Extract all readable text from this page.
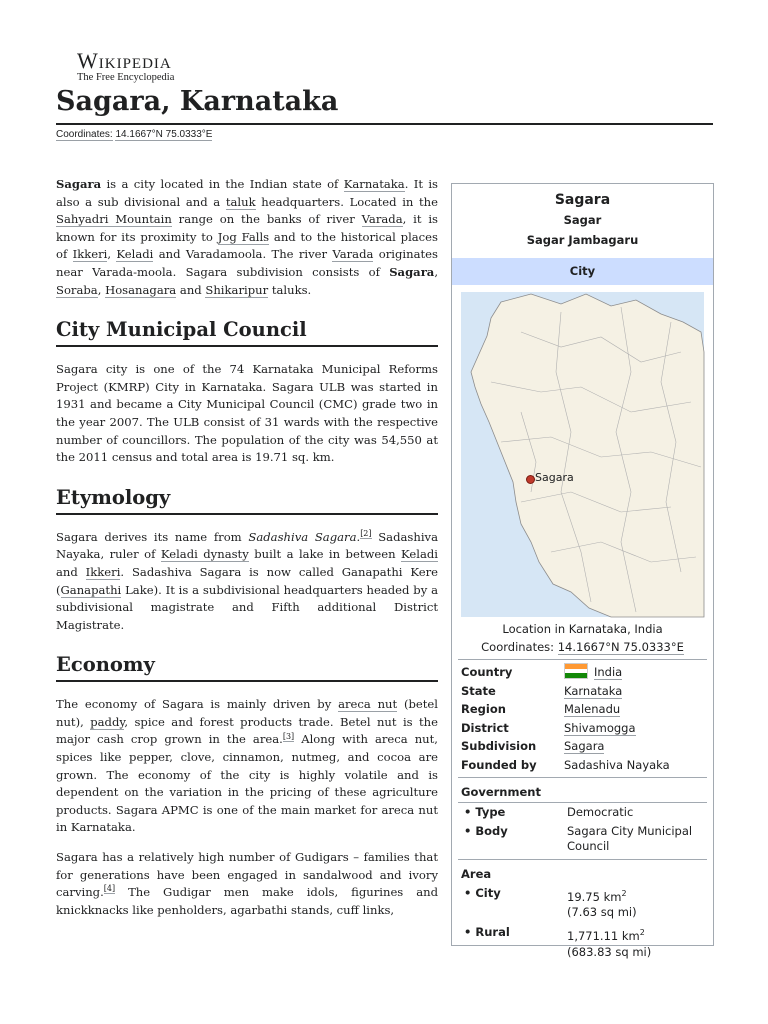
Wikipedia
The Free Encyclopedia
Sagara, Karnataka
Coordinates: 14.1667°N 75.0333°E

Sagara is a city located in the Indian state of Karnataka. It is also a sub divisional and a taluk headquarters. Located in the Sahyadri Mountain range on the banks of river Varada, it is known for its proximity to Jog Falls and to the historical places of Ikkeri, Keladi and Varadamoola. The river Varada originates near Varada-moola. Sagara subdivision consists of Sagara, Soraba, Hosanagara and Shikaripur taluks.

City Municipal Council

Sagara city is one of the 74 Karnataka Municipal Reforms Project (KMRP) City in Karnataka. Sagara ULB was started in 1931 and became a City Municipal Council (CMC) grade two in the year 2007. The ULB consist of 31 wards with the respective number of councillors. The population of the city was 54,550 at the 2011 census and total area is 19.71 sq. km.

Etymology

Sagara derives its name from Sadashiva Sagara.[2] Sadashiva Nayaka, ruler of Keladi dynasty built a lake in between Keladi and Ikkeri. Sadashiva Sagara is now called Ganapathi Kere (Ganapathi Lake). It is a subdivisional headquarters headed by a subdivisional magistrate and Fifth additional District Magistrate.

Economy

The economy of Sagara is mainly driven by areca nut (betel nut), paddy, spice and forest products trade. Betel nut is the major cash crop grown in the area.[3] Along with areca nut, spices like pepper, clove, cinnamon, nutmeg, and cocoa are grown. The economy of the city is highly volatile and is dependent on the variation in the pricing of these agriculture products. Sagara APMC is one of the main market for areca nut in Karnataka.

Sagara has a relatively high number of Gudigars – families that for generations have been engaged in sandalwood and ivory carving.[4] The Gudigar men make idols, figurines and knickknacks like penholders, agarbathi stands, cuff links,

Sagara
Sagar
Sagar Jambagaru
City
Sagara
Location in Karnataka, India
Coordinates: 14.1667°N 75.0333°E
Country	India
State	Karnataka
Region	Malenadu
District	Shivamogga
Subdivision	Sagara
Founded by	Sadashiva Nayaka
Government
• Type	Democratic
• Body	Sagara City Municipal Council
Area
• City	19.75 $km^2$
(7.63 sq mi)
• Rural	1,771.11 $km^2$
(683.83 sq mi)
